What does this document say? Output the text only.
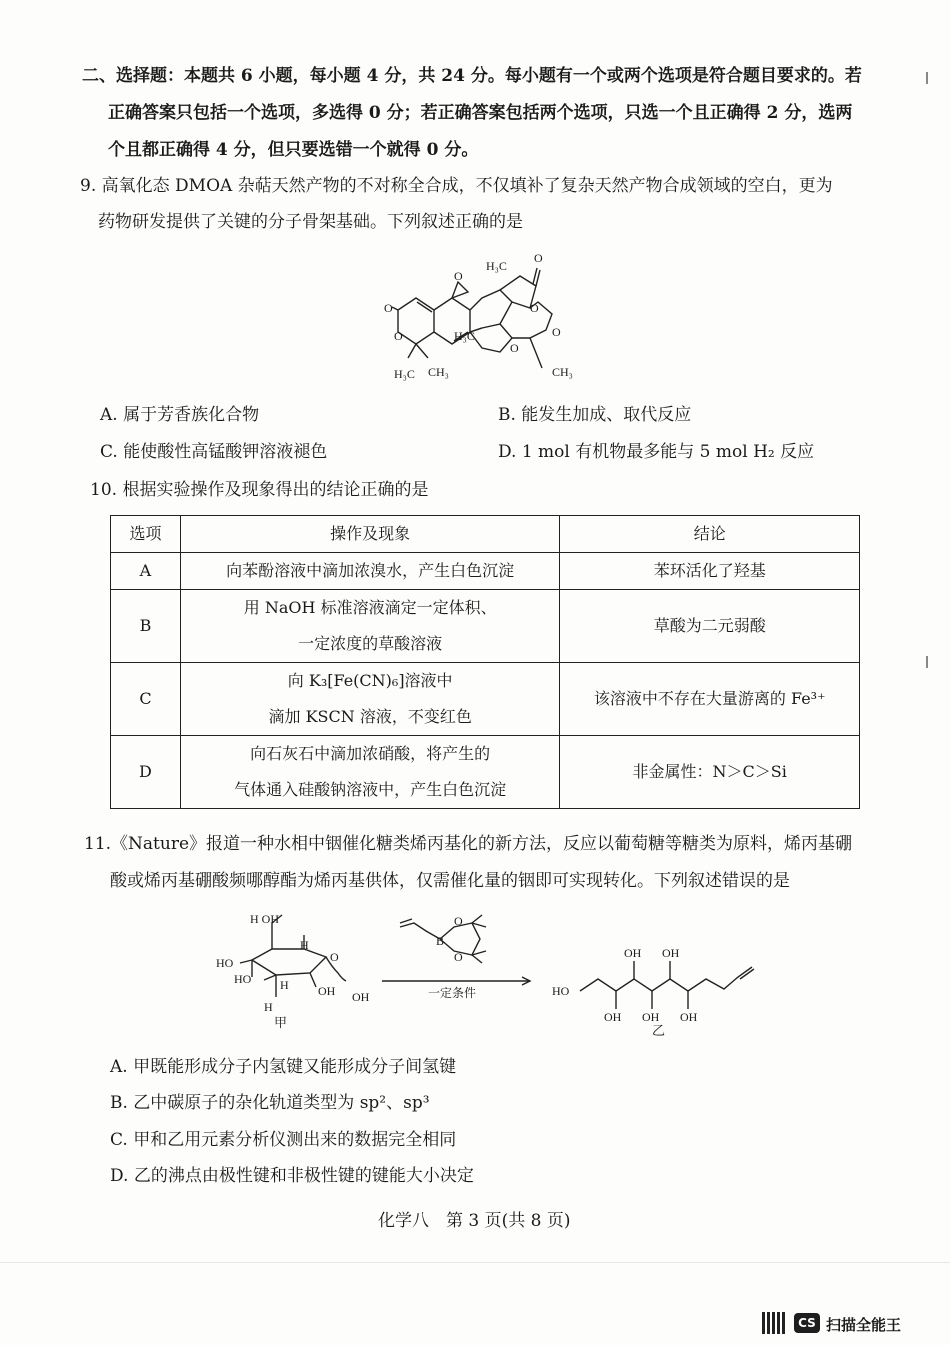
二、选择题：本题共 6 小题，每小题 4 分，共 24 分。每小题有一个或两个选项是符合题目要求的。若
正确答案只包括一个选项，多选得 0 分；若正确答案包括两个选项，只选一个且正确得 2 分，选两
个且都正确得 4 分，但只要选错一个就得 0 分。
9. 高氧化态 DMOA 杂萜天然产物的不对称全合成，不仅填补了复杂天然产物合成领域的空白，更为
药物研发提供了关键的分子骨架基础。下列叙述正确的是
O
O
O
O
O
O
O
H₃C
H₃C
H₃C CH₃	CH₃
A. 属于芳香族化合物	B. 能发生加成、取代反应
C. 能使酸性高锰酸钾溶液褪色	D. 1 mol 有机物最多能与 5 mol H₂ 反应
10. 根据实验操作及现象得出的结论正确的是
选项	操作及现象	结论
A	向苯酚溶液中滴加浓溴水，产生白色沉淀	苯环活化了羟基
B	用 NaOH 标准溶液滴定一定体积、
一定浓度的草酸溶液	草酸为二元弱酸
C	向 K₃[Fe(CN)₆]溶液中
滴加 KSCN 溶液，不变红色	该溶液中不存在大量游离的 Fe³⁺
D	向石灰石中滴加浓硝酸，将产生的
气体通入硅酸钠溶液中，产生白色沉淀	非金属性：N＞C＞Si
11.《Nature》报道一种水相中铟催化糖类烯丙基化的新方法，反应以葡萄糖等糖类为原料，烯丙基硼
酸或烯丙基硼酸频哪醇酯为烯丙基供体，仅需催化量的铟即可实现转化。下列叙述错误的是
H OH
HO
HO
H
H
H
OH OH
O
甲
B
O
O
一定条件	HO
OH OH
OH OH OH
乙
A. 甲既能形成分子内氢键又能形成分子间氢键
B. 乙中碳原子的杂化轨道类型为 sp²、sp³
C. 甲和乙用元素分析仪测出来的数据完全相同
D. 乙的沸点由极性键和非极性键的键能大小决定
化学八　第 3 页(共 8 页)
CS 扫描全能王
